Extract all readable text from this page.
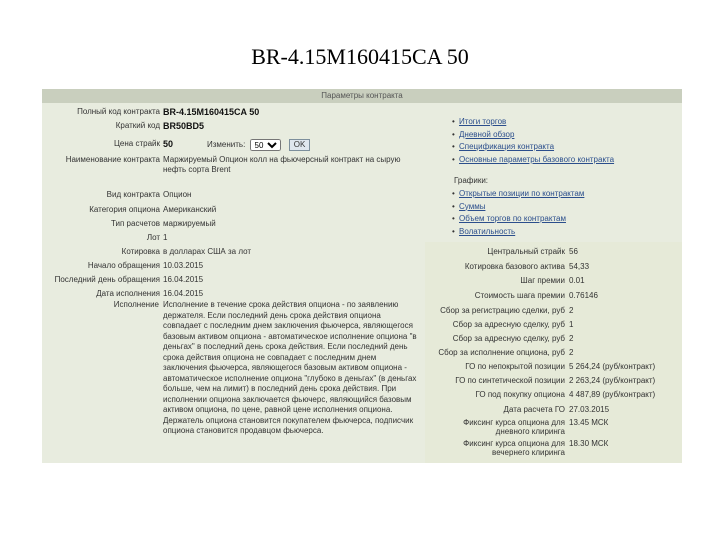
BR-4.15M160415CA 50
Параметры контракта
Полный код контракта BR-4.15M160415CA 50
Краткий код BR50BD5
Цена страйк 50	Изменить:
50	OK
Наименование контракта Маржируемый Опцион колл на фьючерсный контракт на сырую нефть сорта Brent
Вид контракта Опцион
Категория опциона Американский
Тип расчетов маржируемый
Лот 1
Котировка в долларах США за лот
Начало обращения 10.03.2015
Последний день обращения 16.04.2015
Дата исполнения 16.04.2015
Исполнение Исполнение в течение срока действия опциона - по заявлению держателя. Если последний день срока действия опциона совпадает с последним днем заключения фьючерса, являющегося базовым активом опциона - автоматическое исполнение опциона "в деньгах" в последний день срока действия. Если последний день срока действия опциона не совпадает с последним днем заключения фьючерса, являющегося базовым активом опциона - автоматическое исполнение опциона "глубоко в деньгах" (в деньгах больше, чем на лимит) в последний день срока действия. При исполнении опциона заключается фьючерс, являющийся базовым активом опциона, по цене, равной цене исполнения опциона. Держатель опциона становится покупателем фьючерса, подписчик опциона становится продавцом фьючерса.
• Итоги торгов
• Дневной обзор
• Спецификация контракта
• Основные параметры базового контракта
Графики:
• Открытые позиции по контрактам
• Суммы
• Объем торгов по контрактам
• Волатильность
Центральный страйк 56
Котировка базового актива 54,33
Шаг премии 0.01
Стоимость шага премии 0.76146
Сбор за регистрацию сделки, руб 2
Сбор за адресную сделку, руб 1
Сбор за адресную сделку, руб 2
Сбор за исполнение опциона, руб 2
ГО по непокрытой позиции 5 264,24 (руб/контракт)
ГО по синтетической позиции 2 263,24 (руб/контракт)
ГО под покупку опциона 4 487,89 (руб/контракт)
Дата расчета ГО 27.03.2015
Фиксинг курса опциона для дневного клиринга
13.45 МСК
Фиксинг курса опциона для вечернего клиринга
18.30 МСК
